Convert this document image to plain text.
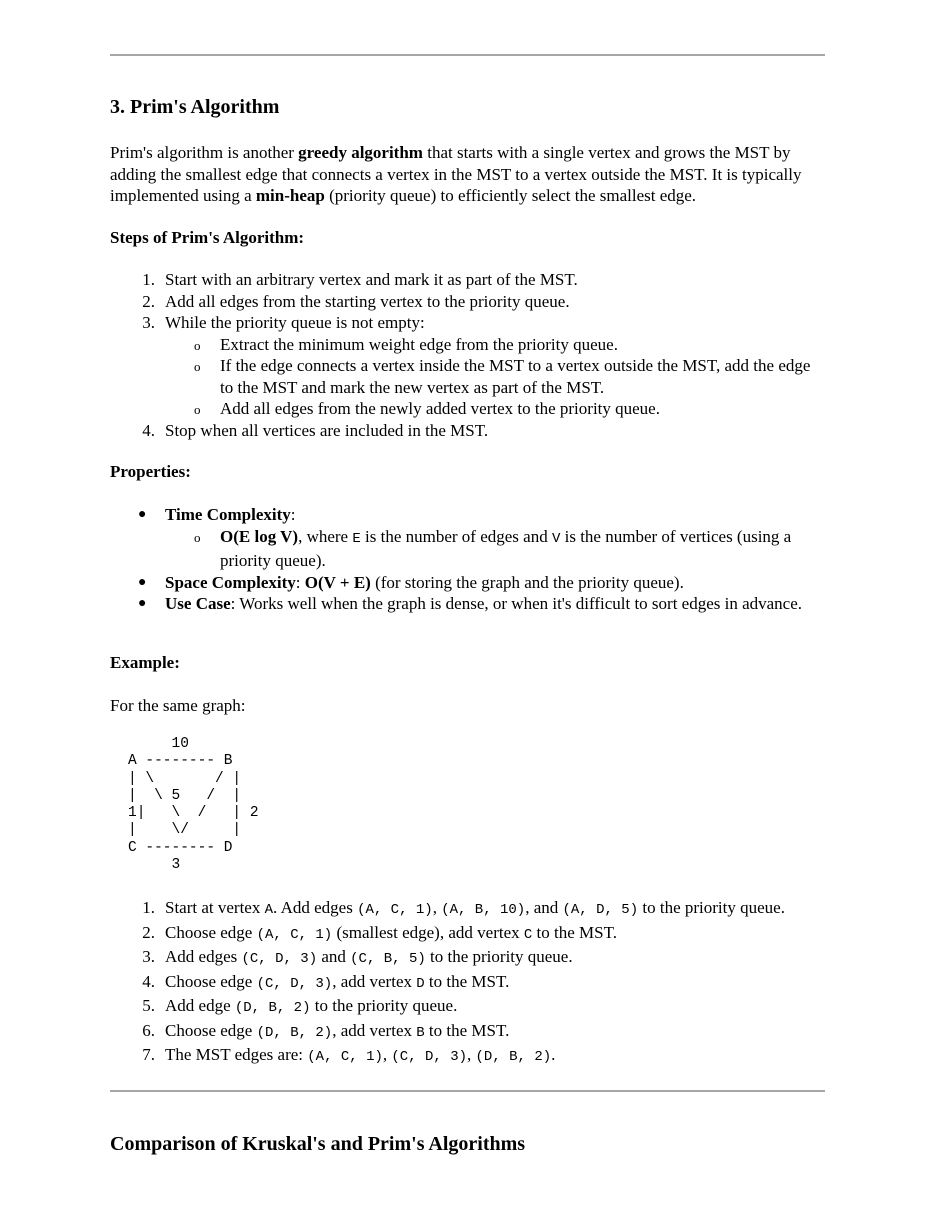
3. Prim's Algorithm

Prim's algorithm is another greedy algorithm that starts with a single vertex and grows the MST by adding the smallest edge that connects a vertex in the MST to a vertex outside the MST. It is typically implemented using a min-heap (priority queue) to efficiently select the smallest edge.

Steps of Prim's Algorithm:

1. Start with an arbitrary vertex and mark it as part of the MST.
2. Add all edges from the starting vertex to the priority queue.
3. While the priority queue is not empty:
o Extract the minimum weight edge from the priority queue.
o If the edge connects a vertex inside the MST to a vertex outside the MST, add the edge to the MST and mark the new vertex as part of the MST.
o Add all edges from the newly added vertex to the priority queue.
4. Stop when all vertices are included in the MST.

Properties:

● Time Complexity:
o O(E log V), where E is the number of edges and V is the number of vertices (using a priority queue).
● Space Complexity: O(V + E) (for storing the graph and the priority queue).
● Use Case: Works well when the graph is dense, or when it's difficult to sort edges in advance.

Example:

For the same graph:

10
A -------- B
| \       / |
|  \ 5   /  |
1|   \  /   | 2
|    \/     |
C -------- D
3
1. Start at vertex A. Add edges (A, C, 1), (A, B, 10), and (A, D, 5) to the priority queue.
2. Choose edge (A, C, 1) (smallest edge), add vertex C to the MST.
3. Add edges (C, D, 3) and (C, B, 5) to the priority queue.
4. Choose edge (C, D, 3), add vertex D to the MST.
5. Add edge (D, B, 2) to the priority queue.
6. Choose edge (D, B, 2), add vertex B to the MST.
7. The MST edges are: (A, C, 1), (C, D, 3), (D, B, 2).
Comparison of Kruskal's and Prim's Algorithms
